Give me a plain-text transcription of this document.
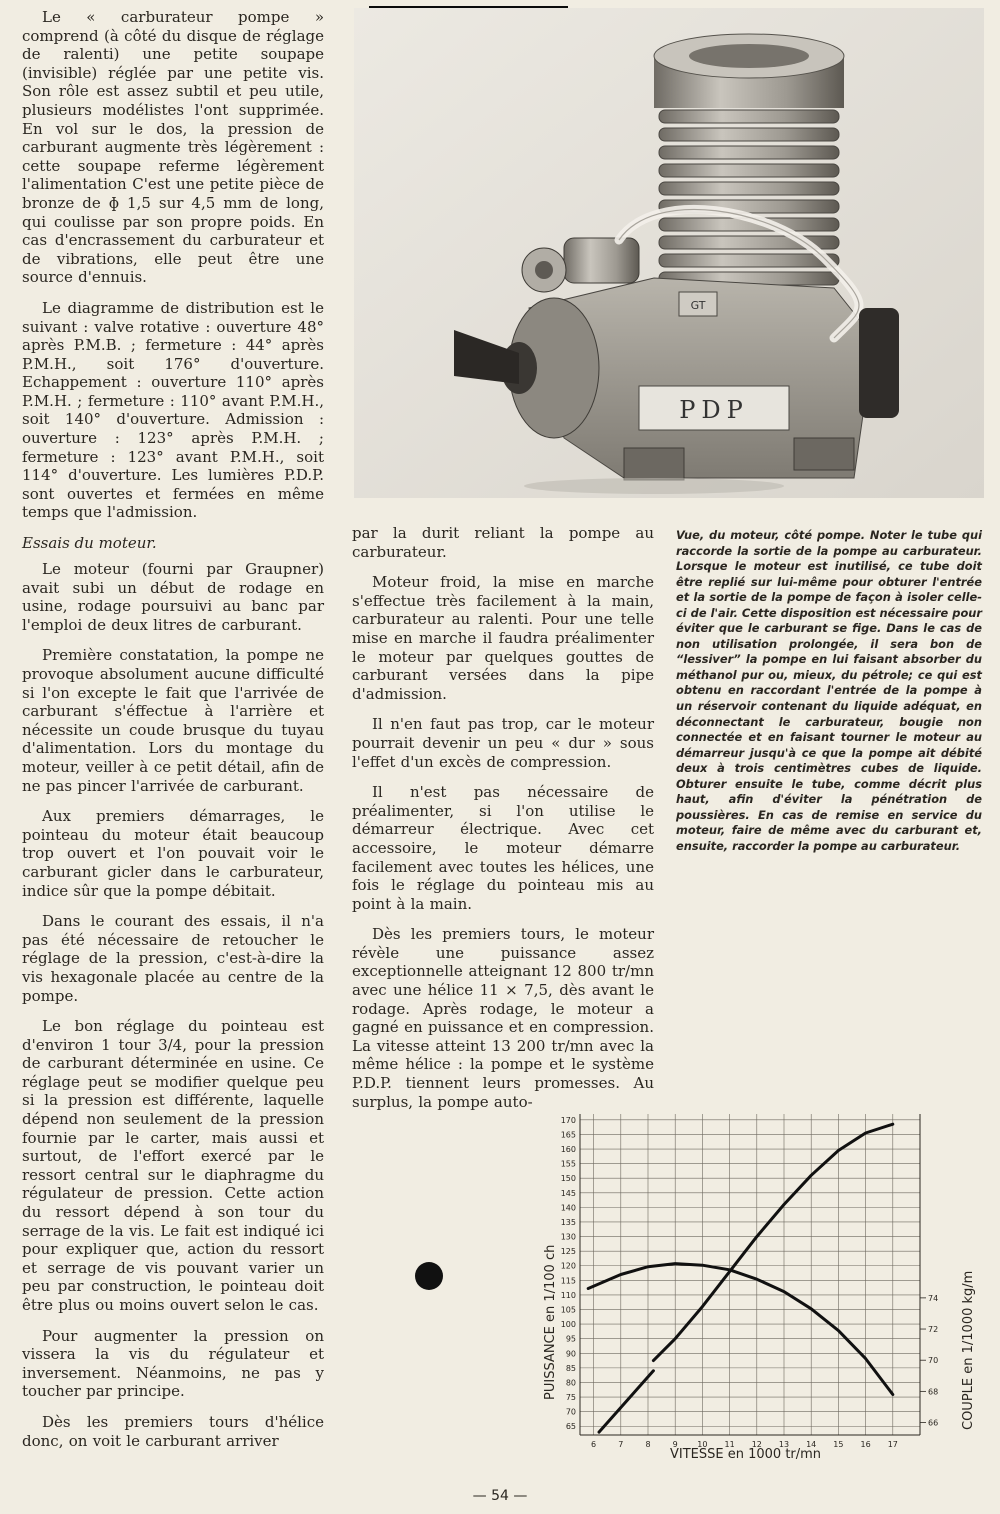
PDP
GT

Le « carburateur pompe » comprend (à côté du disque de réglage de ralenti) une petite soupape (invisible) réglée par une petite vis. Son rôle est assez subtil et peu utile, plusieurs modélistes l'ont supprimée. En vol sur le dos, la pression de carburant augmente très légèrement : cette soupape referme légèrement l'alimentation C'est une petite pièce de bronze de ɸ 1,5 sur 4,5 mm de long, qui coulisse par son propre poids. En cas d'encrassement du carburateur et de vibrations, elle peut être une source d'ennuis.

Le diagramme de distribution est le suivant : valve rotative : ouverture 48° après P.M.B. ; fermeture : 44° après P.M.H., soit 176° d'ouverture. Echappement : ouverture 110° après P.M.H. ; fermeture : 110° avant P.M.H., soit 140° d'ouverture. Admission : ouverture : 123° après P.M.H. ; fermeture : 123° avant P.M.H., soit 114° d'ouverture. Les lumières P.D.P. sont ouvertes et fermées en même temps que l'admission.

Essais du moteur.

Le moteur (fourni par Graupner) avait subi un début de rodage en usine, rodage poursuivi au banc par l'emploi de deux litres de carburant.

Première constatation, la pompe ne provoque absolument aucune difficulté si l'on excepte le fait que l'arrivée de carburant s'éffectue à l'arrière et nécessite un coude brusque du tuyau d'alimentation. Lors du montage du moteur, veiller à ce petit détail, afin de ne pas pincer l'arrivée de carburant.

Aux premiers démarrages, le pointeau du moteur était beaucoup trop ouvert et l'on pouvait voir le carburant gicler dans le carburateur, indice sûr que la pompe débitait.

Dans le courant des essais, il n'a pas été nécessaire de retoucher le réglage de la pression, c'est-à-dire la vis hexagonale placée au centre de la pompe.

Le bon réglage du pointeau est d'environ 1 tour 3/4, pour la pression de carburant déterminée en usine. Ce réglage peut se modifier quelque peu si la pression est différente, laquelle dépend non seulement de la pression fournie par le carter, mais aussi et surtout, de l'effort exercé par le ressort central sur le diaphragme du régulateur de pression. Cette action du ressort dépend à son tour du serrage de la vis. Le fait est indiqué ici pour expliquer que, action du ressort et serrage de vis pouvant varier un peu par construction, le pointeau doit être plus ou moins ouvert selon le cas.

Pour augmenter la pression on vissera la vis du régulateur et inversement. Néanmoins, ne pas y toucher par principe.

Dès les premiers tours d'hélice donc, on voit le carburant arriver

par la durit reliant la pompe au carburateur.

Moteur froid, la mise en marche s'effectue très facilement à la main, carburateur au ralenti. Pour une telle mise en marche il faudra préalimenter le moteur par quelques gouttes de carburant versées dans la pipe d'admission.

Il n'en faut pas trop, car le moteur pourrait devenir un peu « dur » sous l'effet d'un excès de compression.

Il n'est pas nécessaire de préalimenter, si l'on utilise le démarreur électrique. Avec cet accessoire, le moteur démarre facilement avec toutes les hélices, une fois le réglage du pointeau mis au point à la main.

Dès les premiers tours, le moteur révèle une puissance assez exceptionnelle atteignant 12 800 tr/mn avec une hélice 11 × 7,5, dès avant le rodage. Après rodage, le moteur a gagné en puissance et en compression. La vitesse atteint 13 200 tr/mn avec la même hélice : la pompe et le système P.D.P. tiennent leurs promesses. Au surplus, la pompe auto-

Vue, du moteur, côté pompe. Noter le tube qui raccorde la sortie de la pompe au carburateur. Lorsque le moteur est inutilisé, ce tube doit être replié sur lui-même pour obturer l'entrée et la sortie de la pompe de façon à isoler celle-ci de l'air. Cette disposition est nécessaire pour éviter que le carburant se fige. Dans le cas de non utilisation prolongée, il sera bon de “lessiver” la pompe en lui faisant absorber du méthanol pur ou, mieux, du pétrole; ce qui est obtenu en raccordant l'entrée de la pompe à un réservoir contenant du liquide adéquat, en déconnectant le carburateur, bougie non connectée et en faisant tourner le moteur au démarreur jusqu'à ce que la pompe ait débité deux à trois centimètres cubes de liquide. Obturer ensuite le tube, comme décrit plus haut, afin d'éviter la pénétration de poussières. En cas de remise en service du moteur, faire de même avec du carburant et, ensuite, raccorder la pompe au carburateur.
65
70
75
80
85
90
95
100
105
110
115
120
125
130
135
140
145
150
155
160
165
170
6	7	8	9 10 11 12 13 14 15 16 17
66
68
70
72
74
PUISSANCE en 1/100 ch	COUPLE en 1/1000 kg/m
VITESSE en 1000 tr/mn
— 54 —
